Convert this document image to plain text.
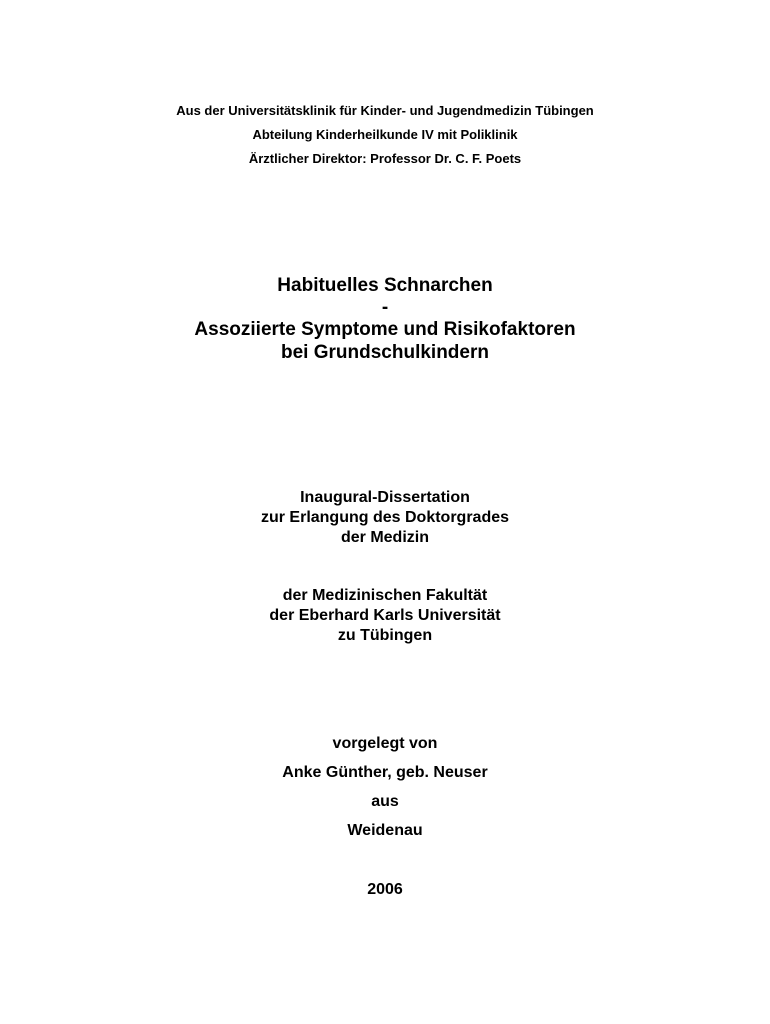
Aus der Universitätsklinik für Kinder- und Jugendmedizin Tübingen
Abteilung Kinderheilkunde IV mit Poliklinik
Ärztlicher Direktor: Professor Dr. C. F. Poets
Habituelles Schnarchen
-
Assoziierte Symptome und Risikofaktoren
bei Grundschulkindern
Inaugural-Dissertation
zur Erlangung des Doktorgrades
der Medizin
der Medizinischen Fakultät
der Eberhard Karls Universität
zu Tübingen
vorgelegt von
Anke Günther, geb. Neuser
aus
Weidenau
2006
